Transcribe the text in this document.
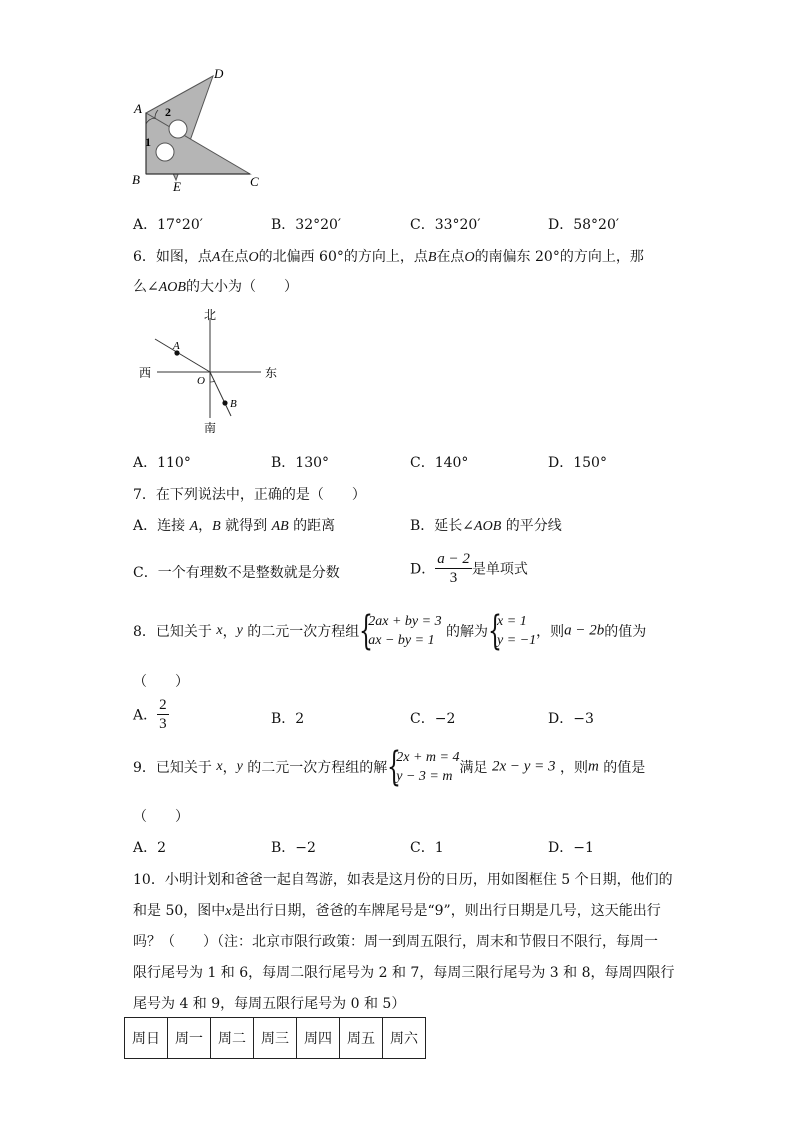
A
D
B	E	C
2
1
A．17°20′	B．32°20′	C．33°20′	D．58°20′
6．如图，点A在点O的北偏西 60°的方向上，点B在点O的南偏东 20°的方向上，那
么∠AOB的大小为（　　）
北
南
西	东
A
O
B
A．110°	B．130°	C．140°	D．150°
7．在下列说法中，正确的是（　　）
A．连接 A，B 就得到 AB 的距离	B．延长∠AOB 的平分线
C．一个有理数不是整数就是分数	D． $\frac{a - 2}{3}$ 是单项式
8．已知关于 x，y 的二元一次方程组 {
2ax + by = 3
ax − by = 1
的解为 {
x = 1
y = −1
，则a − 2b的值为
（　　）
A． $\frac{2}{3}$	B．2	C．−2	D．−3
9．已知关于 x，y 的二元一次方程组的解 {
2x + m = 4
y − 3 = m
满足 2x − y = 3 ，则m 的值是
（　　）
A．2	B．−2	C．1	D．−1
10．小明计划和爸爸一起自驾游，如表是这月份的日历，用如图框住 5 个日期，他们的
和是 50，图中x是出行日期，爸爸的车牌尾号是“9”，则出行日期是几号，这天能出行
吗？（　　）（注：北京市限行政策：周一到周五限行，周末和节假日不限行，每周一
限行尾号为 1 和 6，每周二限行尾号为 2 和 7，每周三限行尾号为 3 和 8，每周四限行
尾号为 4 和 9，每周五限行尾号为 0 和 5）
周日	周一	周二	周三	周四	周五	周六
